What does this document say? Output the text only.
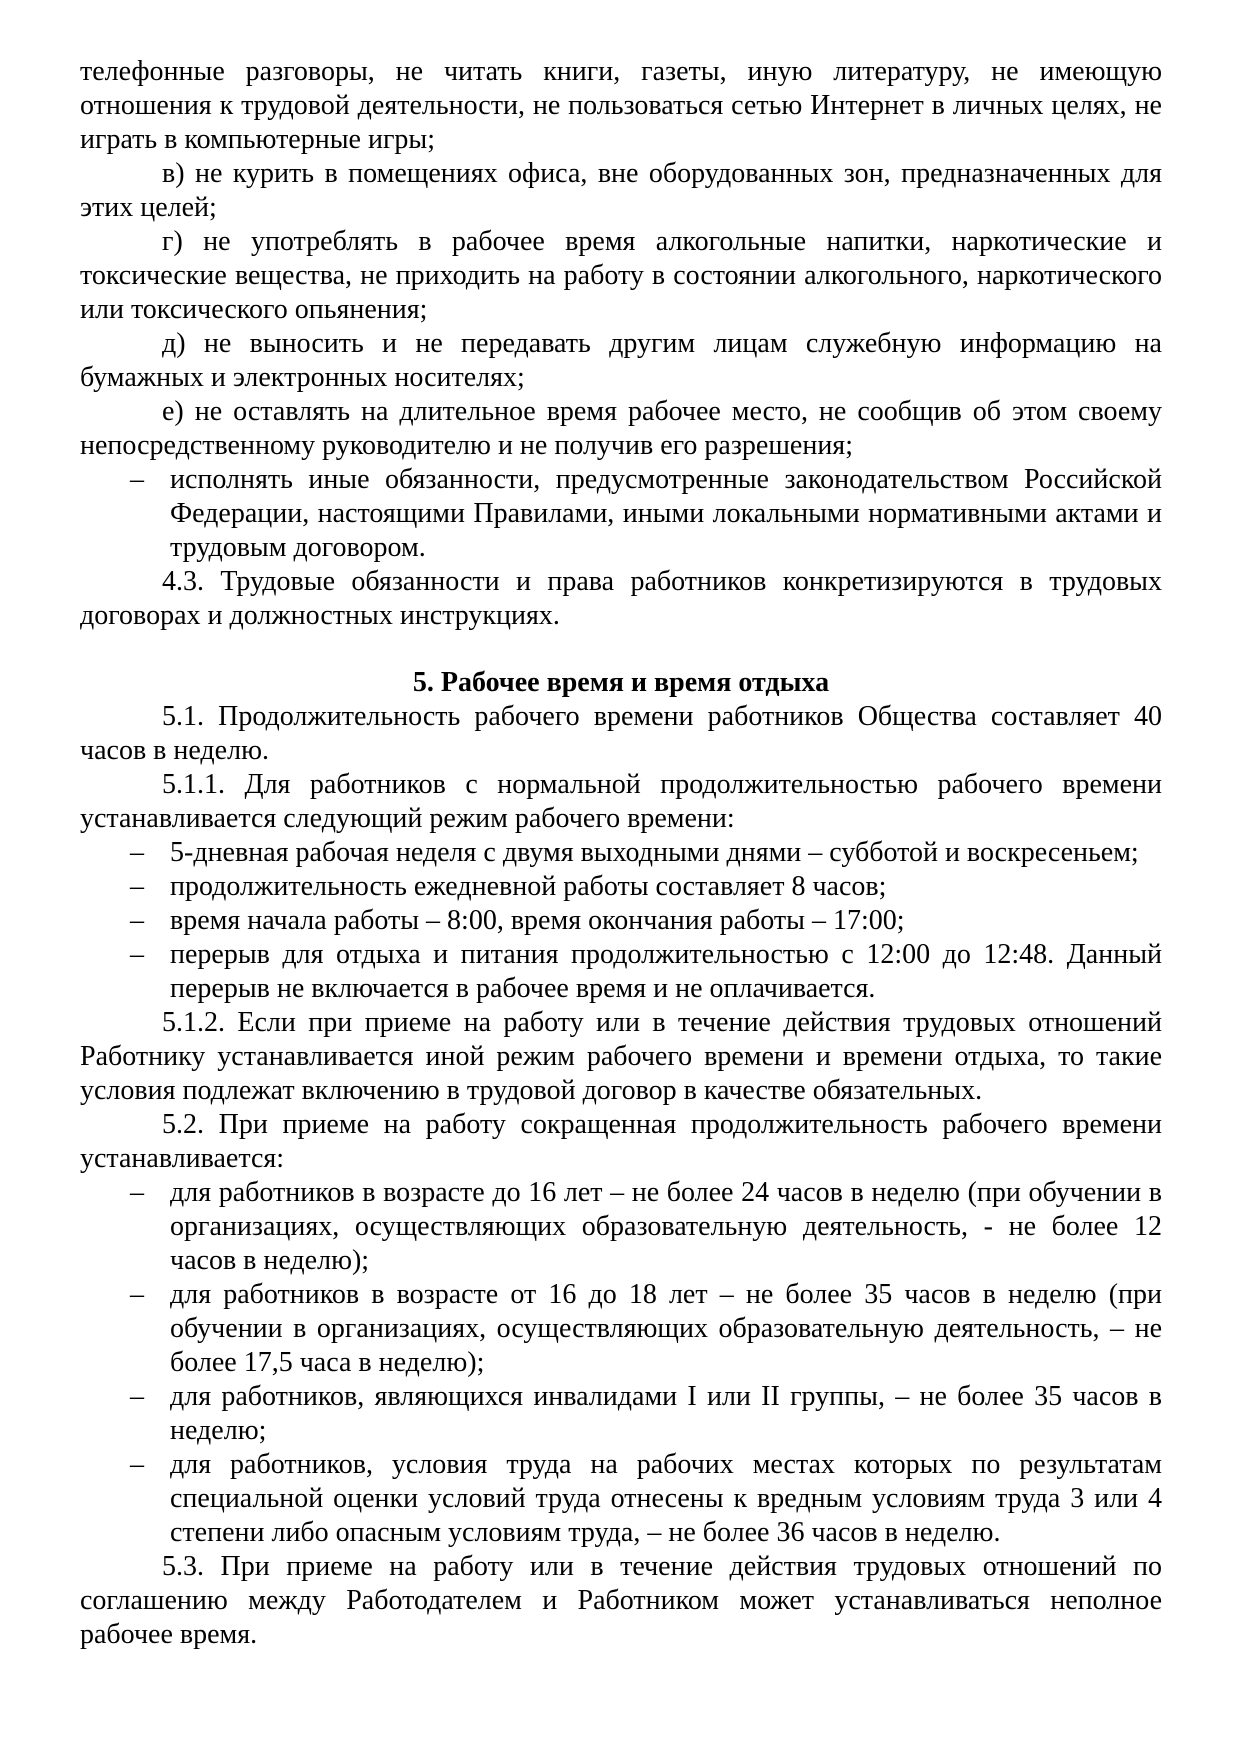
телефонные разговоры, не читать книги, газеты, иную литературу, не имеющую отношения к трудовой деятельности, не пользоваться сетью Интернет в личных целях, не играть в компьютерные игры;

в) не курить в помещениях офиса, вне оборудованных зон, предназначенных для этих целей;

г) не употреблять в рабочее время алкогольные напитки, наркотические и токсические вещества, не приходить на работу в состоянии алкогольного, наркотического или токсического опьянения;

д) не выносить и не передавать другим лицам служебную информацию на бумажных и электронных носителях;

е) не оставлять на длительное время рабочее место, не сообщив об этом своему непосредственному руководителю и не получив его разрешения;

– исполнять иные обязанности, предусмотренные законодательством Российской Федерации, настоящими Правилами, иными локальными нормативными актами и трудовым договором.

4.3. Трудовые обязанности и права работников конкретизируются в трудовых договорах и должностных инструкциях.

5. Рабочее время и время отдыха

5.1. Продолжительность рабочего времени работников Общества составляет 40 часов в неделю.

5.1.1. Для работников с нормальной продолжительностью рабочего времени устанавливается следующий режим рабочего времени:

– 5-дневная рабочая неделя с двумя выходными днями – субботой и воскресеньем;
– продолжительность ежедневной работы составляет 8 часов;
– время начала работы – 8:00, время окончания работы – 17:00;
– перерыв для отдыха и питания продолжительностью с 12:00 до 12:48. Данный перерыв не включается в рабочее время и не оплачивается.

5.1.2. Если при приеме на работу или в течение действия трудовых отношений Работнику устанавливается иной режим рабочего времени и времени отдыха, то такие условия подлежат включению в трудовой договор в качестве обязательных.

5.2. При приеме на работу сокращенная продолжительность рабочего времени устанавливается:

– для работников в возрасте до 16 лет – не более 24 часов в неделю (при обучении в организациях, осуществляющих образовательную деятельность, - не более 12 часов в неделю);
– для работников в возрасте от 16 до 18 лет – не более 35 часов в неделю (при обучении в организациях, осуществляющих образовательную деятельность, – не более 17,5 часа в неделю);
– для работников, являющихся инвалидами I или II группы, – не более 35 часов в неделю;
– для работников, условия труда на рабочих местах которых по результатам специальной оценки условий труда отнесены к вредным условиям труда 3 или 4 степени либо опасным условиям труда, – не более 36 часов в неделю.

5.3. При приеме на работу или в течение действия трудовых отношений по соглашению между Работодателем и Работником может устанавливаться неполное рабочее время.
